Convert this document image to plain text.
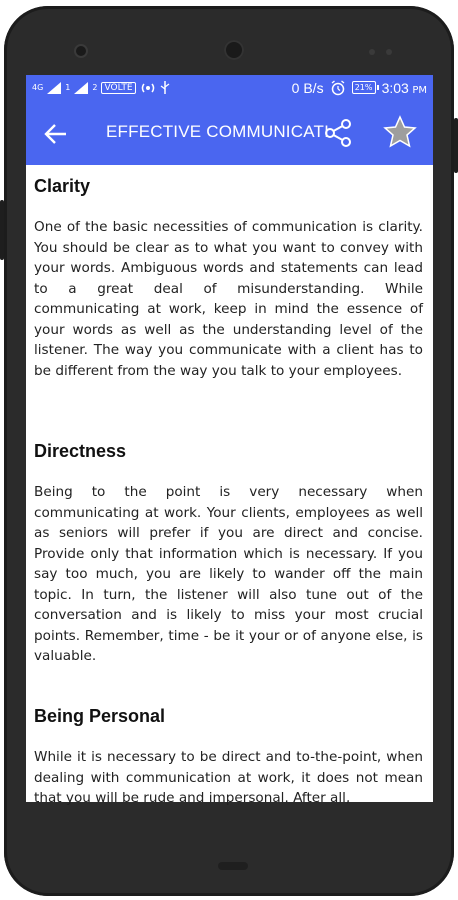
4G	1	2 VOLTE	0 B/s	21% 3:03 PM
EFFECTIVE COMMUNICATI
Clarity

One of the basic necessities of communication is clarity. You should be clear as to what you want to convey with your words. Ambiguous words and statements can lead to a great deal of misunderstanding. While communicating at work, keep in mind the essence of your words as well as the understanding level of the listener. The way you communicate with a client has to be different from the way you talk to your employees.

Directness

Being to the point is very necessary when communicating at work. Your clients, employees as well as seniors will prefer if you are direct and concise. Provide only that information which is necessary. If you say too much, you are likely to wander off the main topic. In turn, the listener will also tune out of the conversation and is likely to miss your most crucial points. Remember, time - be it your or of anyone else, is valuable.

Being Personal

While it is necessary to be direct and to-the-point, when dealing with communication at work, it does not mean that you will be rude and impersonal. After all,
